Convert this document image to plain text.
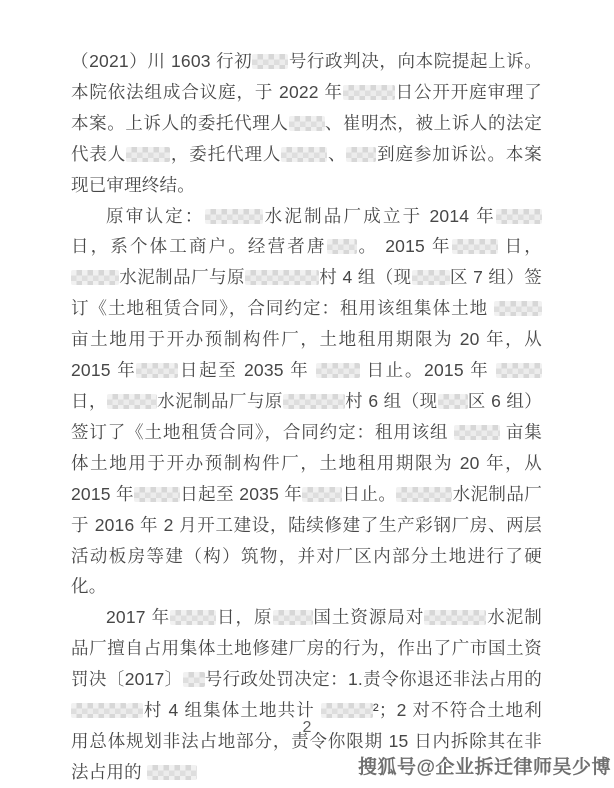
（2021）川 1603 行初 号行政判决，向本院提起上诉。本院依法组成合议庭，于 2022 年	日公开开庭审理了本案。上诉人的委托代理人 、崔明杰，被上诉人的法定代表人	，委托代理人	、 到庭参加诉讼。本案现已审理终结。

原审认定：	水泥制品厂成立于 2014 年日，系个体工商户。经营者唐 。 2015 年	日，水泥制品厂与原	村 4 组（现 区 7 组）签订《土地租赁合同》，合同约定：租用该组集体土地  亩土地用于开办预制构件厂，土地租用期限为 20 年，从 2015 年 日起至 2035 年	日止。2015 年  日，	水泥制品厂与原	村 6 组（现 区 6 组）签订了《土地租赁合同》，合同约定：租用该组	亩集体土地用于开办预制构件厂，土地租用期限为 20 年，从 2015 年	日起至 2035 年 日止。	水泥制品厂于 2016 年 2 月开工建设，陆续修建了生产彩钢厂房、两层活动板房等建（构）筑物，并对厂区内部分土地进行了硬化。

2017 年	日，原 国土资源局对	水泥制品厂擅自占用集体土地修建厂房的行为，作出了广市国土资罚决〔2017〕 号行政处罚决定：1.责令你退还非法占用的村 4 组集体土地共计	²；2 对不符合土地利用总体规划非法占地部分，责令你限期 15 日内拆除其在非法占用的

2
搜狐号@企业拆迁律师吴少博
